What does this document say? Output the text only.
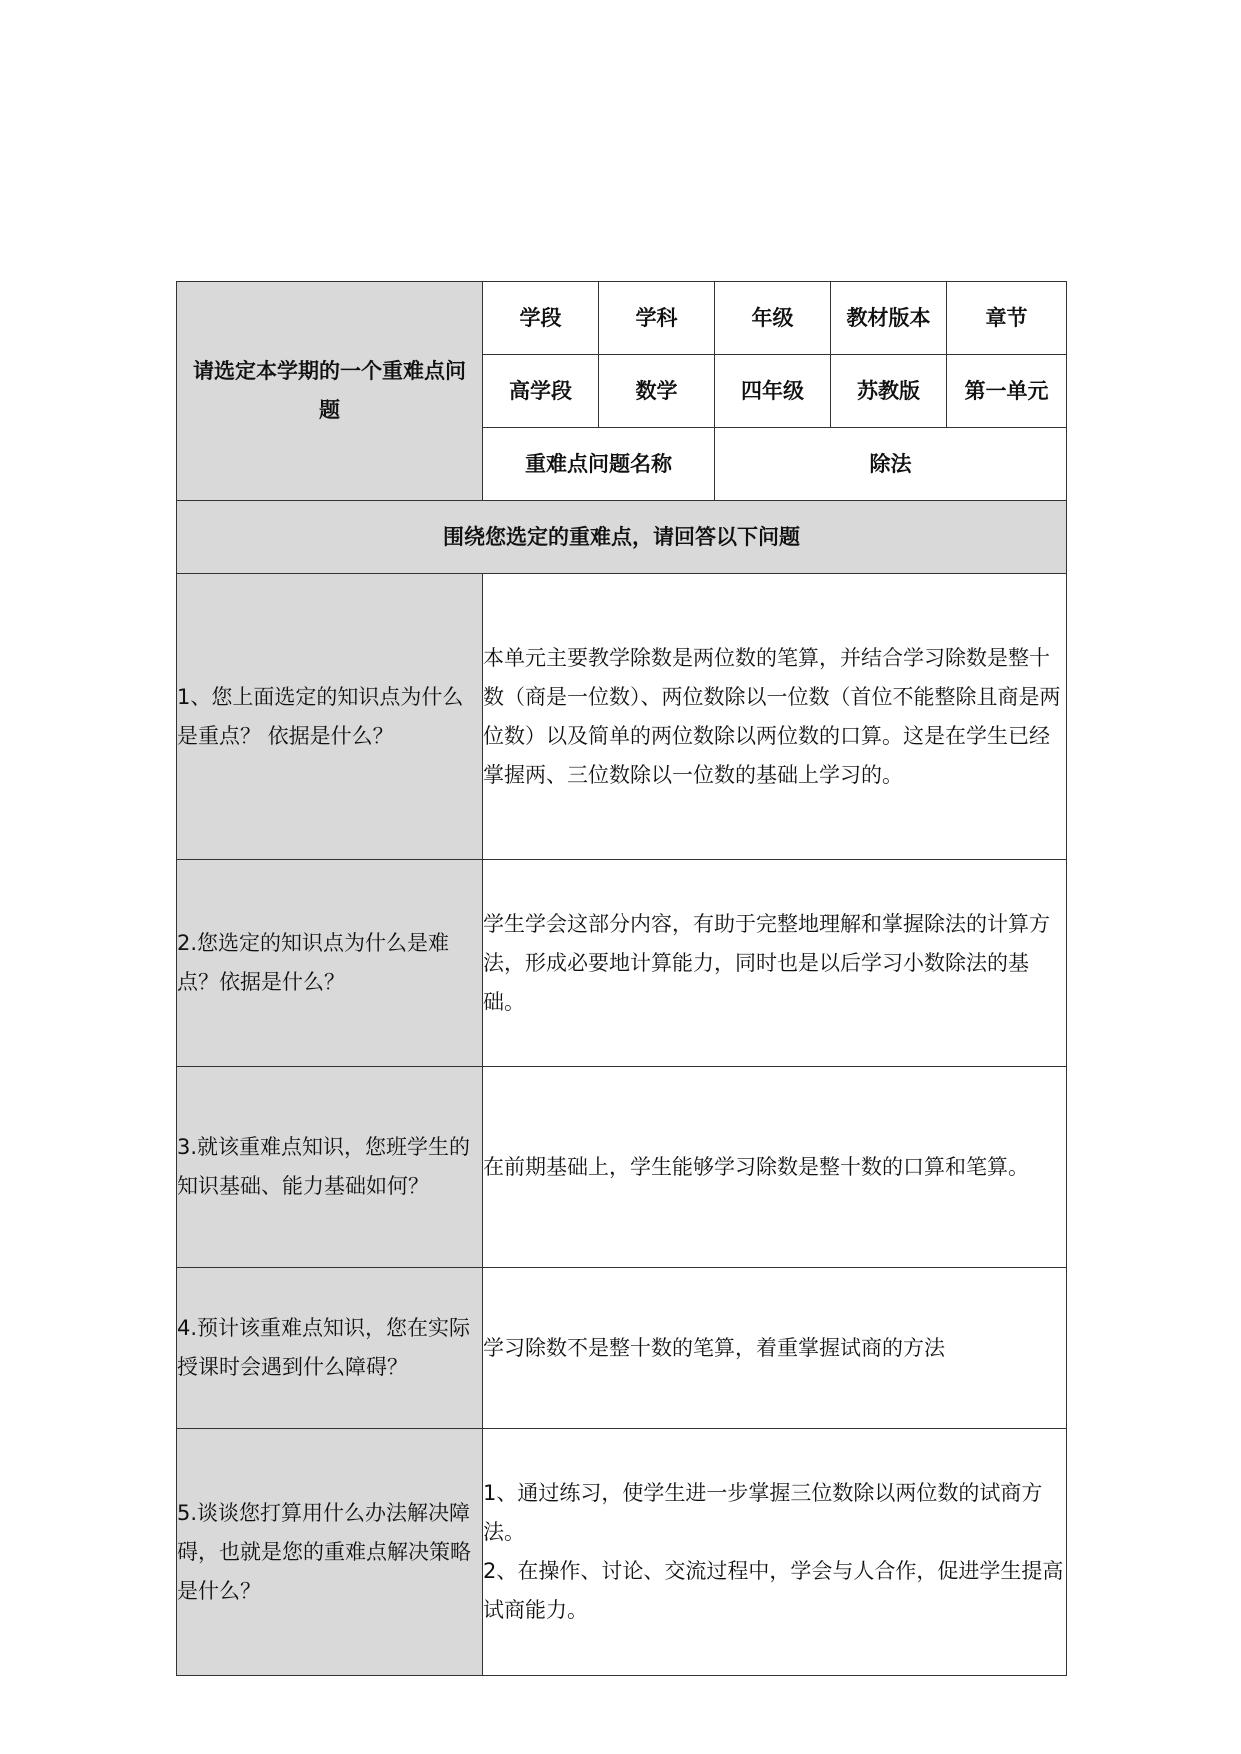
请选定本学期的一个重难点问题	学段	学科	年级	教材版本	章节
	高学段	数学	四年级	苏教版	第一单元
	重难点问题名称		除法		
围绕您选定的重难点，请回答以下问题					
1、您上面选定的知识点为什么是重点？ 依据是什么？	本单元主要教学除数是两位数的笔算，并结合学习除数是整十数（商是一位数）、两位数除以一位数（首位不能整除且商是两位数）以及简单的两位数除以两位数的口算。这是在学生已经掌握两、三位数除以一位数的基础上学习的。				
2.您选定的知识点为什么是难点？依据是什么？	学生学会这部分内容，有助于完整地理解和掌握除法的计算方法，形成必要地计算能力，同时也是以后学习小数除法的基础。				
3.就该重难点知识，您班学生的知识基础、能力基础如何？	在前期基础上，学生能够学习除数是整十数的口算和笔算。				
4.预计该重难点知识，您在实际授课时会遇到什么障碍？	学习除数不是整十数的笔算，着重掌握试商的方法				
5.谈谈您打算用什么办法解决障碍，也就是您的重难点解决策略是什么？	1、通过练习，使学生进一步掌握三位数除以两位数的试商方法。
2、在操作、讨论、交流过程中，学会与人合作，促进学生提高试商能力。				
